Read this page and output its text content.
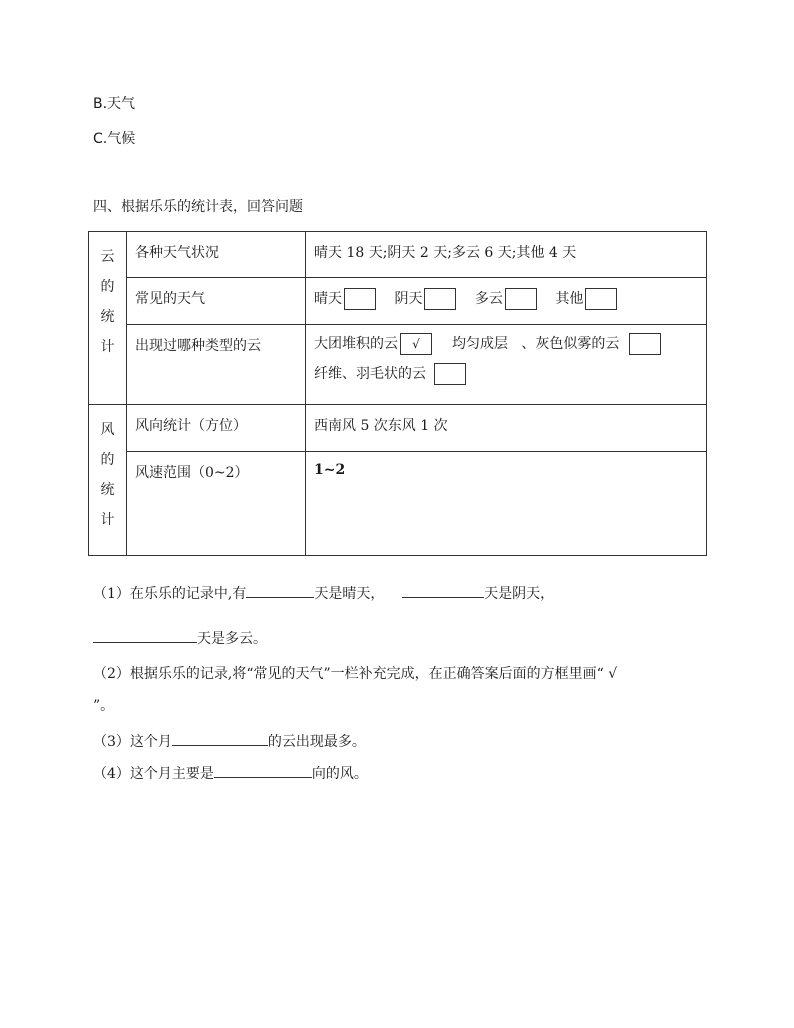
B.天气
C.气候
四、根据乐乐的统计表，回答问题
云
的
统
计	各种天气状况	晴天 18 天;阴天 2 天;多云 6 天;其他 4 天
	常见的天气	晴天 阴天 多云 其他
	出现过哪种类型的云	大团堆积的云 √ 均匀成层 、灰色似雾的云
纤维、羽毛状的云

风
的
统
计	风向统计（方位）	西南风 5 次东风 1 次
	风速范围（0~2）	1~2
（1）在乐乐的记录中,有	天是晴天，	天是阴天，
天是多云。
（2）根据乐乐的记录,将“常见的天气”一栏补充完成，在正确答案后面的方框里画“ √
”。
（3）这个月	的云出现最多。
（4）这个月主要是	向的风。
